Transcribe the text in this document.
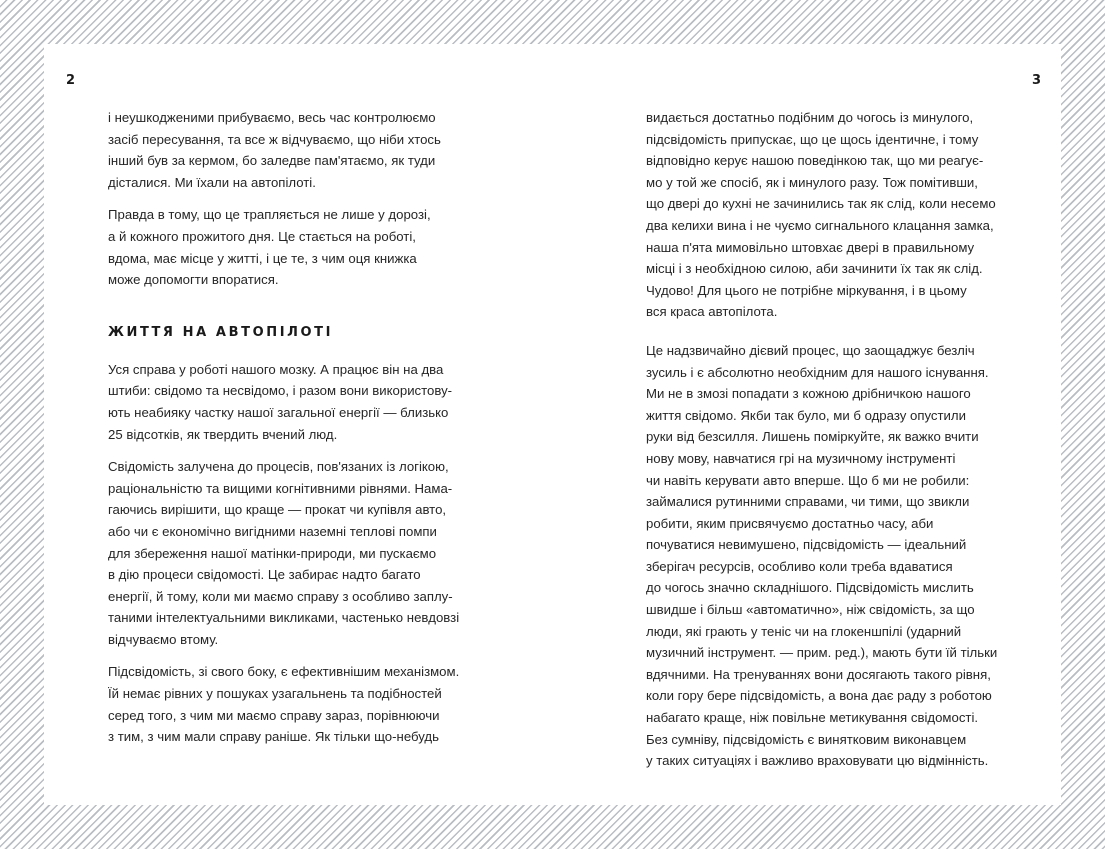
2	3

і неушкодженими прибуваємо, весь час контролюємо
засіб пересування, та все ж відчуваємо, що ніби хтось
інший був за кермом, бо заледве пам'ятаємо, як туди
дісталися. Ми їхали на автопілоті.

Правда в тому, що це трапляється не лише у дорозі,
а й кожного прожитого дня. Це стається на роботі,
вдома, має місце у житті, і це те, з чим оця книжка
може допомогти впоратися.

ЖИТТЯ НА АВТОПІЛОТІ

Уся справа у роботі нашого мозку. А працює він на два
штиби: свідомо та несвідомо, і разом вони використову-
ють неабияку частку нашої загальної енергії — близько
25 відсотків, як твердить вчений люд.

Свідомість залучена до процесів, пов'язаних із логікою,
раціональністю та вищими когнітивними рівнями. Нама-
гаючись вирішити, що краще — прокат чи купівля авто,
або чи є економічно вигідними наземні теплові помпи
для збереження нашої матінки-природи, ми пускаємо
в дію процеси свідомості. Це забирає надто багато
енергії, й тому, коли ми маємо справу з особливо заплу-
таними інтелектуальними викликами, частенько невдовзі
відчуваємо втому.

Підсвідомість, зі свого боку, є ефективнішим механізмом.
Їй немає рівних у пошуках узагальнень та подібностей
серед того, з чим ми маємо справу зараз, порівнюючи
з тим, з чим мали справу раніше. Як тільки що-небудь

видається достатньо подібним до чогось із минулого,
підсвідомість припускає, що це щось ідентичне, і тому
відповідно керує нашою поведінкою так, що ми реагує-
мо у той же спосіб, як і минулого разу. Тож помітивши,
що двері до кухні не зачинились так як слід, коли несемо
два келихи вина і не чуємо сигнального клацання замка,
наша п'ята мимовільно штовхає двері в правильному
місці і з необхідною силою, аби зачинити їх так як слід.
Чудово! Для цього не потрібне міркування, і в цьому
вся краса автопілота.

Це надзвичайно дієвий процес, що заощаджує безліч
зусиль і є абсолютно необхідним для нашого існування.
Ми не в змозі попадати з кожною дрібничкою нашого
життя свідомо. Якби так було, ми б одразу опустили
руки від безсилля. Лишень поміркуйте, як важко вчити
нову мову, навчатися грі на музичному інструменті
чи навіть керувати авто вперше. Що б ми не робили:
займалися рутинними справами, чи тими, що звикли
робити, яким присвячуємо достатньо часу, аби
почуватися невимушено, підсвідомість — ідеальний
зберігач ресурсів, особливо коли треба вдаватися
до чогось значно складнішого. Підсвідомість мислить
швидше і більш «автоматично», ніж свідомість, за що
люди, які грають у теніс чи на глокеншпілі (ударний
музичний інструмент. — прим. ред.), мають бути їй тільки
вдячними. На тренуваннях вони досягають такого рівня,
коли гору бере підсвідомість, а вона дає раду з роботою
набагато краще, ніж повільне метикування свідомості.
Без сумніву, підсвідомість є винятковим виконавцем
у таких ситуаціях і важливо враховувати цю відмінність.
